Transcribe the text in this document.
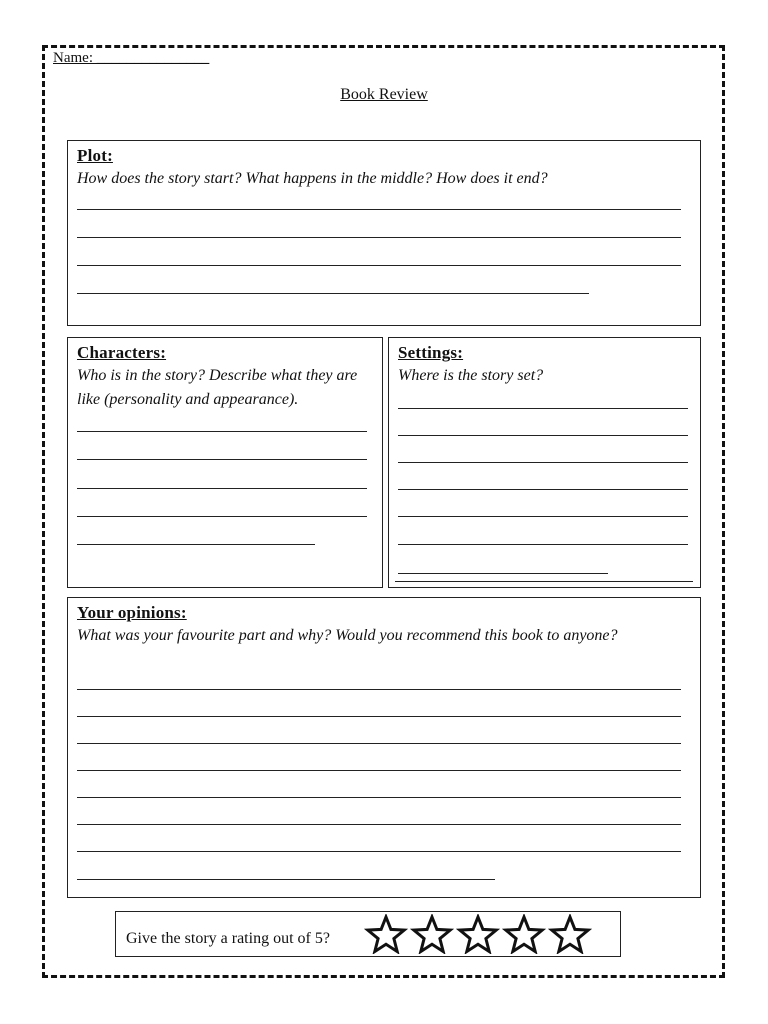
Name: _______________
Book Review
Plot:
How does the story start? What happens in the middle? How does it end?
Characters:
Who is in the story? Describe what they are like (personality and appearance).
Settings:
Where is the story set?
Your opinions:
What was your favourite part and why? Would you recommend this book to anyone?
Give the story a rating out of 5?
